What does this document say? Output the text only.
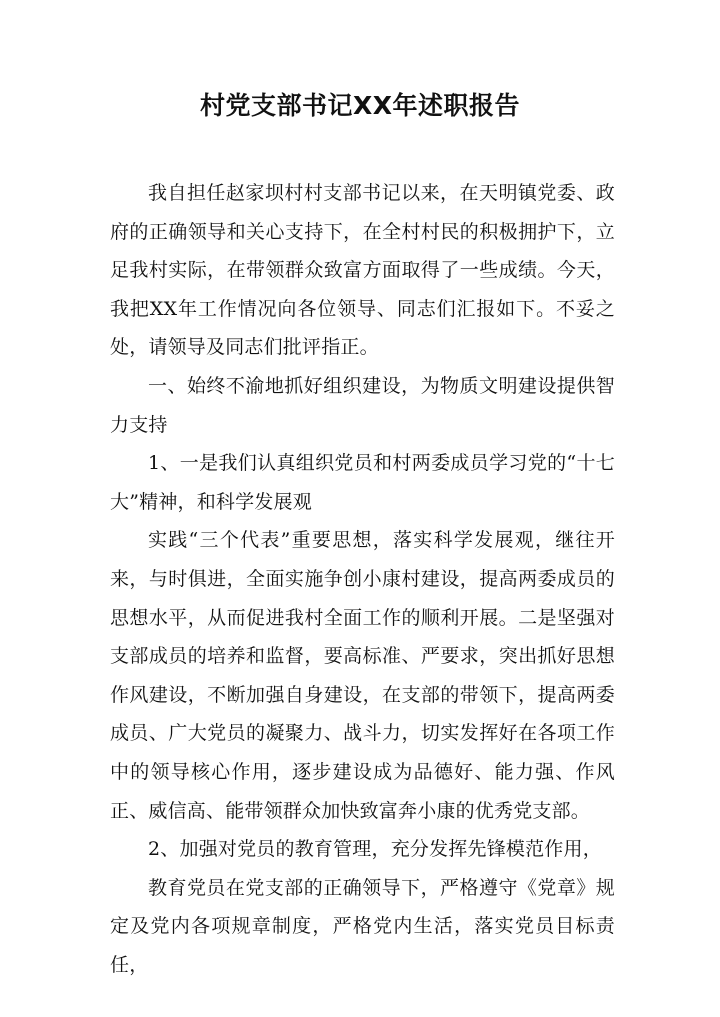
村党支部书记XX年述职报告

我自担任赵家坝村村支部书记以来，在天明镇党委、政府的正确领导和关心支持下，在全村村民的积极拥护下，立足我村实际，在带领群众致富方面取得了一些成绩。今天，我把XX年工作情况向各位领导、同志们汇报如下。不妥之处，请领导及同志们批评指正。

一、始终不渝地抓好组织建设，为物质文明建设提供智力支持

1、一是我们认真组织党员和村两委成员学习党的“十七大”精神，和科学发展观

实践“三个代表”重要思想，落实科学发展观，继往开来，与时俱进，全面实施争创小康村建设，提高两委成员的思想水平，从而促进我村全面工作的顺利开展。二是坚强对支部成员的培养和监督，要高标准、严要求，突出抓好思想作风建设，不断加强自身建设，在支部的带领下，提高两委成员、广大党员的凝聚力、战斗力，切实发挥好在各项工作中的领导核心作用，逐步建设成为品德好、能力强、作风正、威信高、能带领群众加快致富奔小康的优秀党支部。

2、加强对党员的教育管理，充分发挥先锋模范作用，

教育党员在党支部的正确领导下，严格遵守《党章》规定及党内各项规章制度，严格党内生活，落实党员目标责任，
